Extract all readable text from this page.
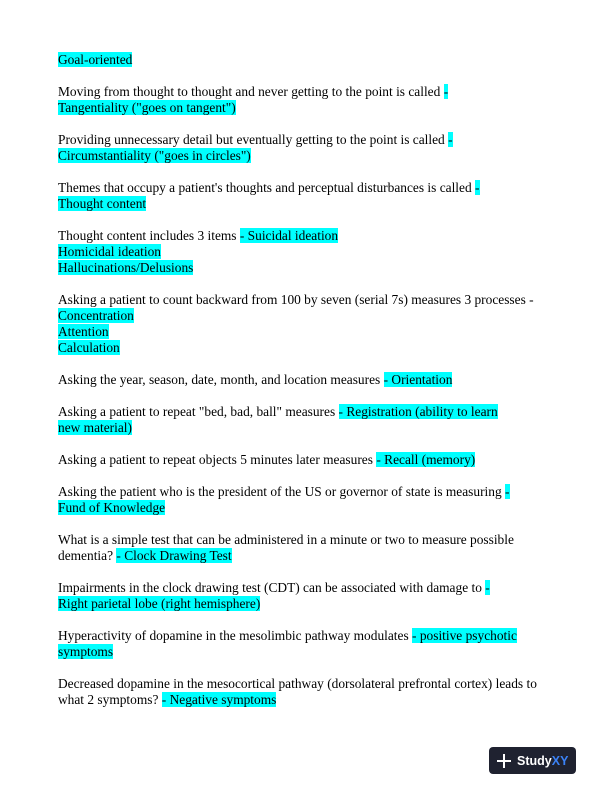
Goal-oriented

Moving from thought to thought and never getting to the point is called -
Tangentiality ("goes on tangent")

Providing unnecessary detail but eventually getting to the point is called -
Circumstantiality ("goes in circles")

Themes that occupy a patient's thoughts and perceptual disturbances is called -
Thought content

Thought content includes 3 items - Suicidal ideation
Homicidal ideation
Hallucinations/Delusions

Asking a patient to count backward from 100 by seven (serial 7s) measures 3 processes - Concentration
Attention
Calculation

Asking the year, season, date, month, and location measures - Orientation

Asking a patient to repeat "bed, bad, ball" measures - Registration (ability to learn
new material)

Asking a patient to repeat objects 5 minutes later measures - Recall (memory)

Asking the patient who is the president of the US or governor of state is measuring -
Fund of Knowledge

What is a simple test that can be administered in a minute or two to measure possible dementia? - Clock Drawing Test

Impairments in the clock drawing test (CDT) can be associated with damage to -
Right parietal lobe (right hemisphere)

Hyperactivity of dopamine in the mesolimbic pathway modulates - positive psychotic
symptoms

Decreased dopamine in the mesocortical pathway (dorsolateral prefrontal cortex) leads to what 2 symptoms? - Negative symptoms

StudyXY
